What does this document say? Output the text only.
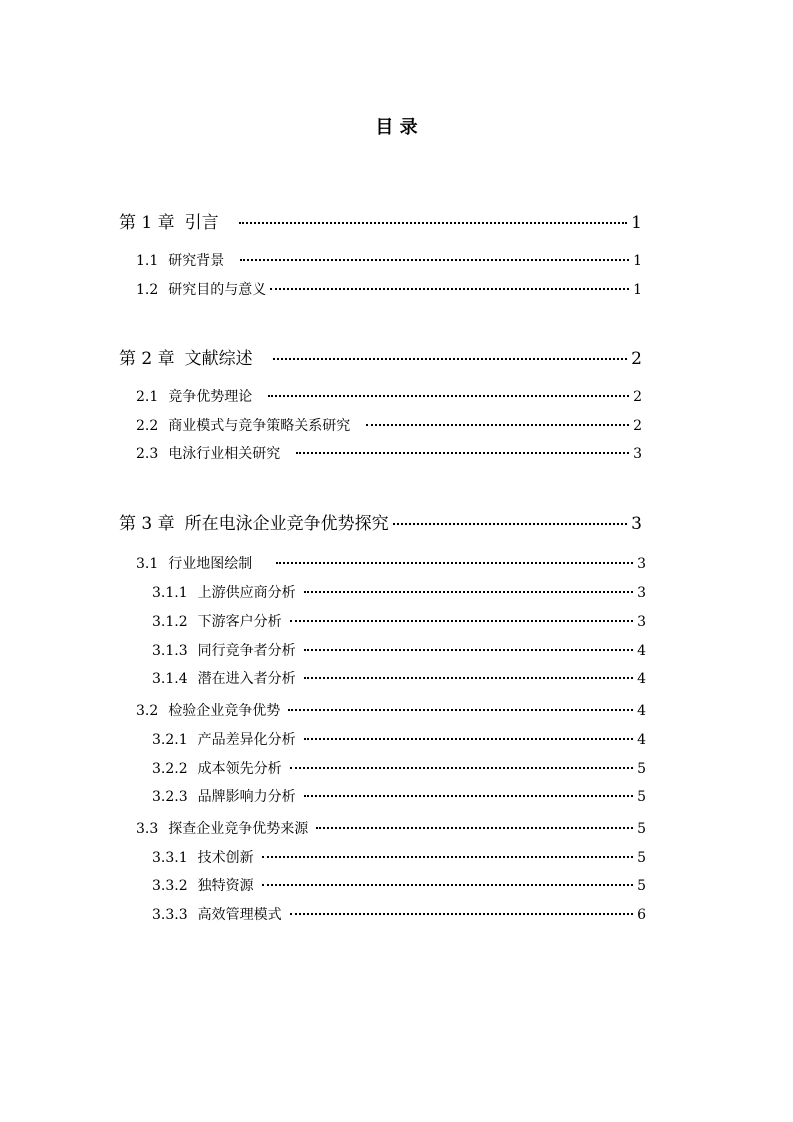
目 录
第 1 章 引言	1
1.1 研究背景	1
1.2 研究目的与意义	1
第 2 章 文献综述	2
2.1 竞争优势理论	2
2.2 商业模式与竞争策略关系研究	2
2.3 电泳行业相关研究	3
第 3 章 所在电泳企业竞争优势探究	3
3.1 行业地图绘制	3
3.1.1 上游供应商分析	3
3.1.2 下游客户分析	3
3.1.3 同行竞争者分析	4
3.1.4 潜在进入者分析	4
3.2 检验企业竞争优势	4
3.2.1 产品差异化分析	4
3.2.2 成本领先分析	5
3.2.3 品牌影响力分析	5
3.3 探查企业竞争优势来源	5
3.3.1 技术创新	5
3.3.2 独特资源	5
3.3.3 高效管理模式	6
